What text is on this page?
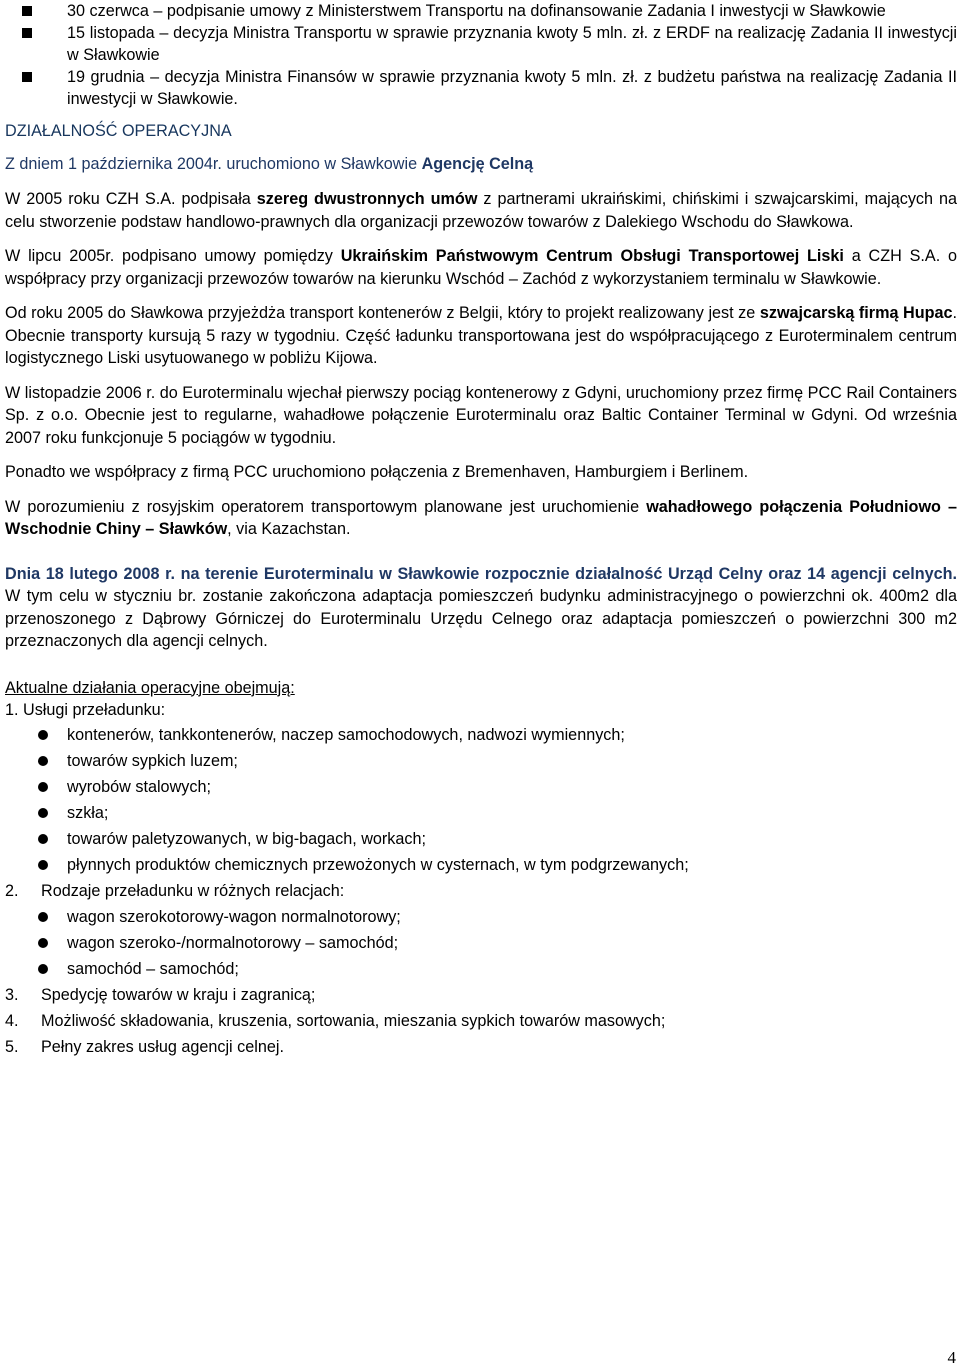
30 czerwca – podpisanie umowy z Ministerstwem Transportu na dofinansowanie Zadania I inwestycji w Sławkowie
15 listopada – decyzja Ministra Transportu w sprawie przyznania kwoty 5 mln. zł. z ERDF na realizację Zadania II inwestycji w Sławkowie
19 grudnia – decyzja Ministra Finansów w sprawie przyznania kwoty 5 mln. zł. z budżetu państwa na realizację Zadania II inwestycji w Sławkowie.

DZIAŁALNOŚĆ OPERACYJNA

Z dniem 1 października 2004r. uruchomiono w Sławkowie Agencję Celną

W 2005 roku CZH S.A. podpisała szereg dwustronnych umów z partnerami ukraińskimi, chińskimi i szwajcarskimi, mających na celu stworzenie podstaw handlowo-prawnych dla organizacji przewozów towarów z Dalekiego Wschodu do Sławkowa.

W lipcu 2005r. podpisano umowy pomiędzy Ukraińskim Państwowym Centrum Obsługi Transportowej Liski a CZH S.A. o współpracy przy organizacji przewozów towarów na kierunku Wschód – Zachód z wykorzystaniem terminalu w Sławkowie.

Od roku 2005 do Sławkowa przyjeżdża transport kontenerów z Belgii, który to projekt realizowany jest ze szwajcarską firmą Hupac. Obecnie transporty kursują 5 razy w tygodniu. Część ładunku transportowana jest do współpracującego z Euroterminalem centrum logistycznego Liski usytuowanego w pobliżu Kijowa.

W listopadzie 2006 r. do Euroterminalu wjechał pierwszy pociąg kontenerowy z Gdyni, uruchomiony przez firmę PCC Rail Containers Sp. z o.o. Obecnie jest to regularne, wahadłowe połączenie Euroterminalu oraz Baltic Container Terminal w Gdyni. Od września 2007 roku funkcjonuje 5 pociągów w tygodniu.

Ponadto we współpracy z firmą PCC uruchomiono połączenia z Bremenhaven, Hamburgiem i Berlinem.

W porozumieniu z rosyjskim operatorem transportowym planowane jest uruchomienie wahadłowego połączenia Południowo – Wschodnie Chiny – Sławków, via Kazachstan.

Dnia 18 lutego 2008 r. na terenie Euroterminalu w Sławkowie rozpocznie działalność Urząd Celny oraz 14 agencji celnych. W tym celu w styczniu br. zostanie zakończona adaptacja pomieszczeń budynku administracyjnego o powierzchni ok. 400m2 dla przenoszonego z Dąbrowy Górniczej do Euroterminalu Urzędu Celnego oraz adaptacja pomieszczeń o powierzchni 300 m2 przeznaczonych dla agencji celnych.

Aktualne działania operacyjne obejmują:

1. Usługi przeładunku:

kontenerów, tankkontenerów, naczep samochodowych, nadwozi wymiennych;
towarów sypkich luzem;
wyrobów stalowych;
szkła;
towarów paletyzowanych, w big-bagach, workach;
płynnych produktów chemicznych przewożonych w cysternach, w tym podgrzewanych;

2. Rodzaje przeładunku w różnych relacjach:

wagon szerokotorowy-wagon normalnotorowy;
wagon szeroko-/normalnotorowy – samochód;
samochód – samochód;

3. Spedycję towarów w kraju i zagranicą;

4. Możliwość składowania, kruszenia, sortowania, mieszania sypkich towarów masowych;

5. Pełny zakres usług agencji celnej.

4
